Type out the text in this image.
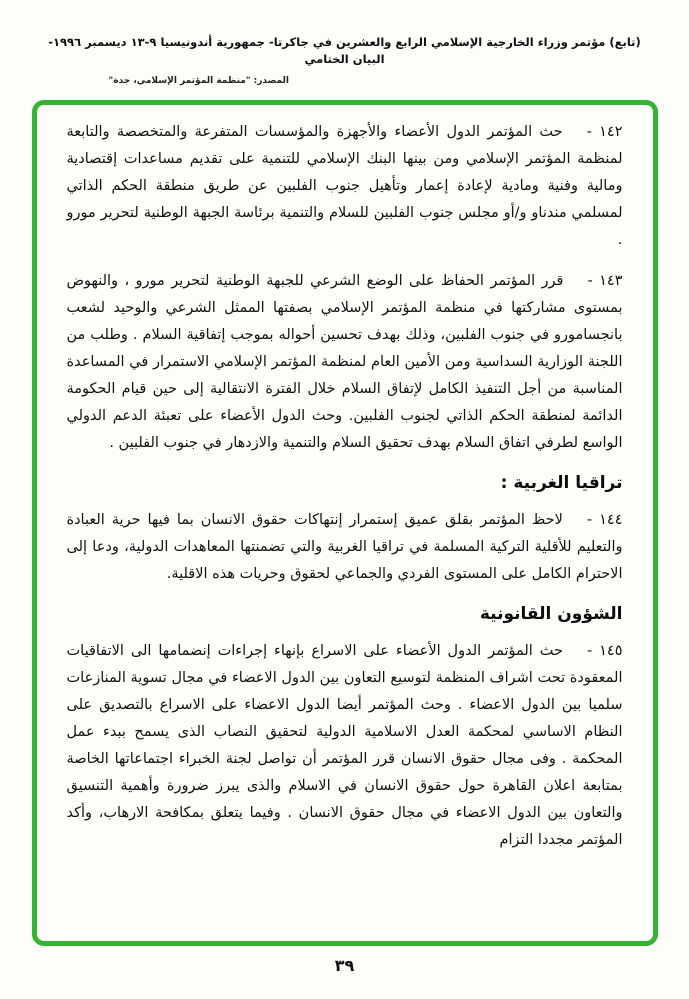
(تابع) مؤتمر وزراء الخارجية الإسلامي الرابع والعشرين في جاكرتا- جمهورية أندونيسيا ٩-١٣ ديسمبر ١٩٩٦-البيان الختامي
المصدر: "منظمة المؤتمر الإسلامي، جدة"

١٤٢ -حث المؤتمر الدول الأعضاء والأجهزة والمؤسسات المتفرعة والمتخصصة والتابعة لمنظمة المؤتمر الإسلامي ومن بينها البنك الإسلامي للتنمية على تقديم مساعدات إقتصادية ومالية وفنية ومادية لإعادة إعمار وتأهيل جنوب الفلبين عن طريق منطقة الحكم الذاتي لمسلمي مندناو و/أو مجلس جنوب الفلبين للسلام والتنمية برئاسة الجبهة الوطنية لتحرير مورو .

١٤٣ -قرر المؤتمر الحفاظ على الوضع الشرعي للجبهة الوطنية لتحرير مورو ، والنهوض بمستوى مشاركتها في منظمة المؤتمر الإسلامي بصفتها الممثل الشرعي والوحيد لشعب بانجسامورو في جنوب الفلبين، وذلك بهدف تحسين أحواله بموجب إتفاقية السلام . وطلب من اللجنة الوزارية السداسية ومن الأمين العام لمنظمة المؤتمر الإسلامي الاستمرار في المساعدة المناسبة من أجل التنفيذ الكامل لإتفاق السلام خلال الفترة الانتقالية إلى حين قيام الحكومة الدائمة لمنطقة الحكم الذاتي لجنوب الفلبين. وحث الدول الأعضاء على تعبئة الدعم الدولي الواسع لطرفي اتفاق السلام بهدف تحقيق السلام والتنمية والازدهار في جنوب الفلبين .

تراقيا الغربية :

١٤٤ -لاحظ المؤتمر بقلق عميق إستمرار إنتهاكات حقوق الانسان بما فيها حرية العبادة والتعليم للأقلية التركية المسلمة في تراقيا الغربية والتي تضمنتها المعاهدات الدولية، ودعا إلى الاحترام الكامل على المستوى الفردي والجماعي لحقوق وحريات هذه الاقلية.

الشؤون القانونية

١٤٥ -حث المؤتمر الدول الأعضاء على الاسراع بإنهاء إجراءات إنضمامها الى الاتفاقيات المعقودة تحت اشراف المنظمة لتوسيع التعاون بين الدول الاعضاء في مجال تسوية المنازعات سلميا بين الدول الاعضاء . وحث المؤتمر أيضا الدول الاعضاء على الاسراع بالتصديق على النظام الاساسي لمحكمة العدل الاسلامية الدولية لتحقيق النصاب الذى يسمح ببدء عمل المحكمة . وفى مجال حقوق الانسان قرر المؤتمر أن تواصل لجنة الخبراء اجتماعاتها الخاصة بمتابعة اعلان القاهرة حول حقوق الانسان في الاسلام والذى يبرز ضرورة وأهمية التنسيق والتعاون بين الدول الاعضاء في مجال حقوق الانسان . وفيما يتعلق بمكافحة الارهاب، وأكد المؤتمر مجددا التزام

٣٩
